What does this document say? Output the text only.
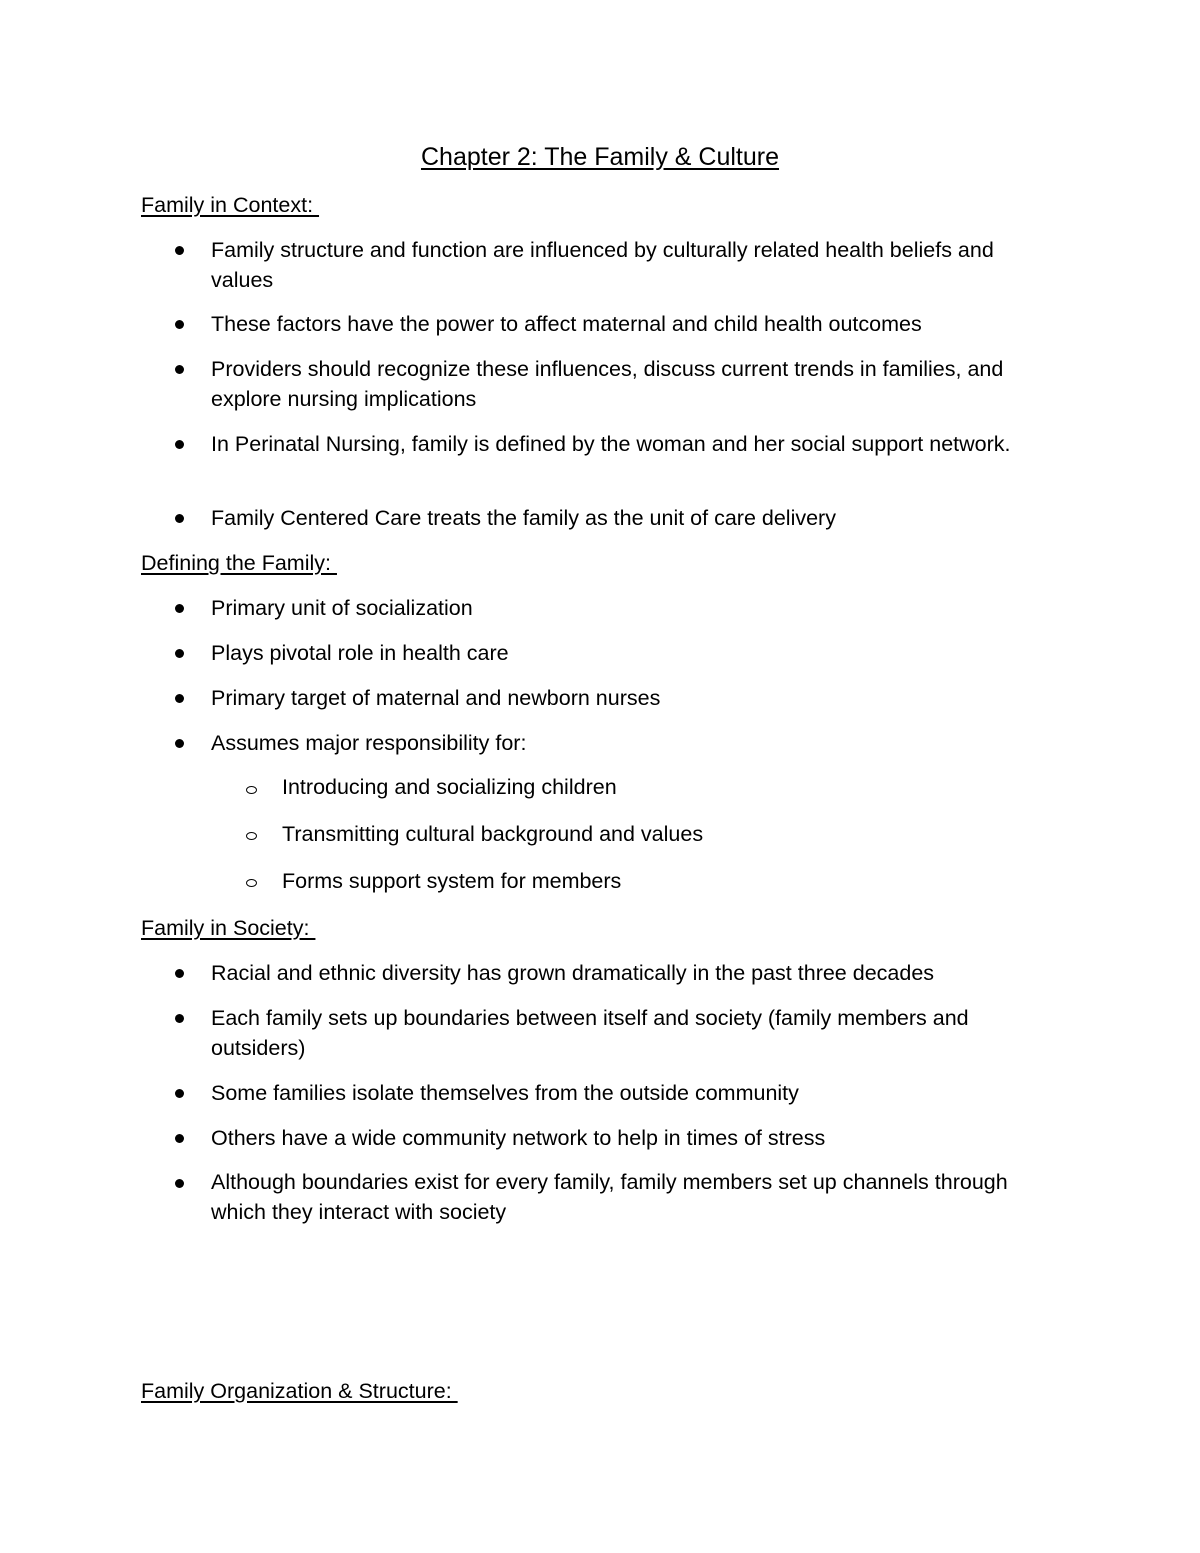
Chapter 2: The Family & Culture
Family in Context:
Family structure and function are influenced by culturally related health beliefs and values
These factors have the power to affect maternal and child health outcomes
Providers should recognize these influences, discuss current trends in families, and explore nursing implications
In Perinatal Nursing, family is defined by the woman and her social support network.
Family Centered Care treats the family as the unit of care delivery
Defining the Family:
Primary unit of socialization
Plays pivotal role in health care
Primary target of maternal and newborn nurses
Assumes major responsibility for:
Introducing and socializing children
Transmitting cultural background and values
Forms support system for members
Family in Society:
Racial and ethnic diversity has grown dramatically in the past three decades
Each family sets up boundaries between itself and society (family members and outsiders)
Some families isolate themselves from the outside community
Others have a wide community network to help in times of stress
Although boundaries exist for every family, family members set up channels through which they interact with society
Family Organization & Structure:
